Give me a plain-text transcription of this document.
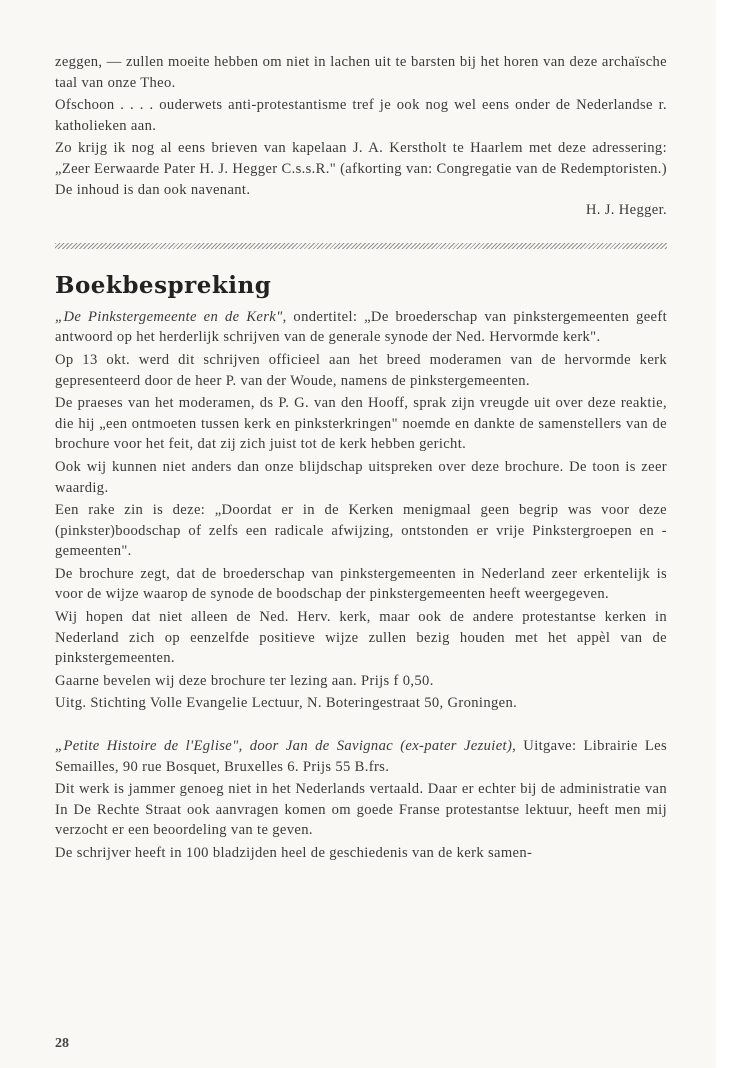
zeggen, — zullen moeite hebben om niet in lachen uit te barsten bij het horen van deze archaïsche taal van onze Theo.

Ofschoon . . . . ouderwets anti-protestantisme tref je ook nog wel eens onder de Nederlandse r. katholieken aan.

Zo krijg ik nog al eens brieven van kapelaan J. A. Kerstholt te Haarlem met deze adressering: „Zeer Eerwaarde Pater H. J. Hegger C.s.s.R." (afkorting van: Congregatie van de Redemptoristen.) De inhoud is dan ook navenant.

H. J. Hegger.

Boekbespreking

„De Pinkstergemeente en de Kerk", ondertitel: „De broederschap van pinkstergemeenten geeft antwoord op het herderlijk schrijven van de generale synode der Ned. Hervormde kerk".

Op 13 okt. werd dit schrijven officieel aan het breed moderamen van de hervormde kerk gepresenteerd door de heer P. van der Woude, namens de pinkstergemeenten.

De praeses van het moderamen, ds P. G. van den Hooff, sprak zijn vreugde uit over deze reaktie, die hij „een ontmoeten tussen kerk en pinksterkringen" noemde en dankte de samenstellers van de brochure voor het feit, dat zij zich juist tot de kerk hebben gericht.

Ook wij kunnen niet anders dan onze blijdschap uitspreken over deze brochure. De toon is zeer waardig.

Een rake zin is deze: „Doordat er in de Kerken menigmaal geen begrip was voor deze (pinkster)boodschap of zelfs een radicale afwijzing, ontstonden er vrije Pinkstergroepen en -gemeenten".

De brochure zegt, dat de broederschap van pinkstergemeenten in Nederland zeer erkentelijk is voor de wijze waarop de synode de boodschap der pinkstergemeenten heeft weergegeven.

Wij hopen dat niet alleen de Ned. Herv. kerk, maar ook de andere protestantse kerken in Nederland zich op eenzelfde positieve wijze zullen bezig houden met het appèl van de pinkstergemeenten.

Gaarne bevelen wij deze brochure ter lezing aan. Prijs f 0,50.

Uitg. Stichting Volle Evangelie Lectuur, N. Boteringestraat 50, Groningen.

„Petite Histoire de l'Eglise", door Jan de Savignac (ex-pater Jezuiet), Uitgave: Librairie Les Semailles, 90 rue Bosquet, Bruxelles 6. Prijs 55 B.frs.

Dit werk is jammer genoeg niet in het Nederlands vertaald. Daar er echter bij de administratie van In De Rechte Straat ook aanvragen komen om goede Franse protestantse lektuur, heeft men mij verzocht er een beoordeling van te geven.

De schrijver heeft in 100 bladzijden heel de geschiedenis van de kerk samen-

28
